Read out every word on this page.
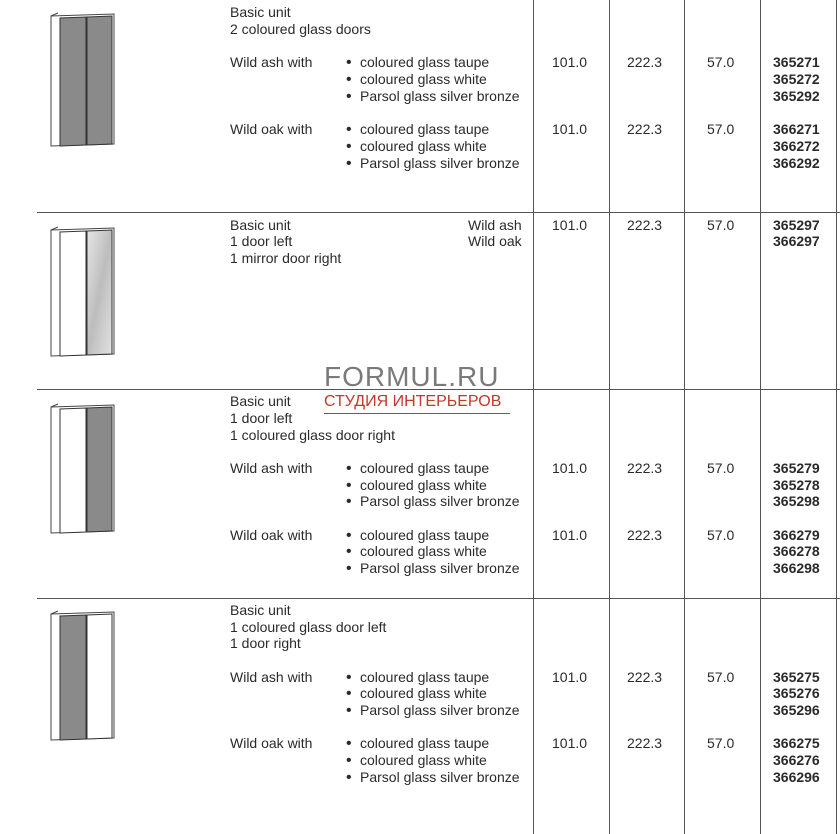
Basic unit
2 coloured glass doors
Wild ash with	• coloured glass taupe
• coloured glass white
• Parsol glass silver bronze
101.0	222.3	57.0	365271
365272
365292
Wild oak with	• coloured glass taupe
• coloured glass white
• Parsol glass silver bronze
101.0	222.3	57.0	366271
366272
366292
Basic unit
1 door left
1 mirror door right
Wild ash
Wild oak
101.0	222.3	57.0	365297
366297
FORMUL.RU
СТУДИЯ ИНТЕРЬЕРОВ
Basic unit
1 door left
1 coloured glass door right
Wild ash with	• coloured glass taupe
• coloured glass white
• Parsol glass silver bronze
101.0	222.3	57.0	365279
365278
365298
Wild oak with	• coloured glass taupe
• coloured glass white
• Parsol glass silver bronze
101.0	222.3	57.0	366279
366278
366298
Basic unit
1 coloured glass door left
1 door right
Wild ash with	• coloured glass taupe
• coloured glass white
• Parsol glass silver bronze
101.0	222.3	57.0	365275
365276
365296
Wild oak with	• coloured glass taupe
• coloured glass white
• Parsol glass silver bronze
101.0	222.3	57.0	366275
366276
366296
